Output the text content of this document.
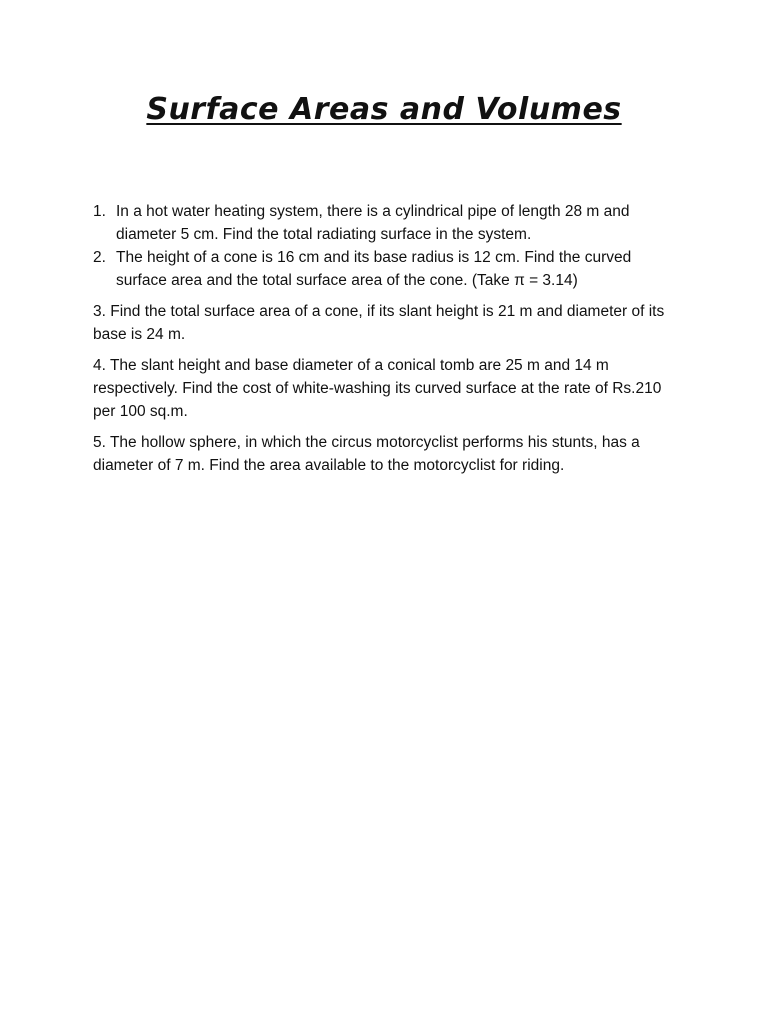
Surface Areas and Volumes
1. In a hot water heating system, there is a cylindrical pipe of length 28 m and diameter 5 cm. Find the total radiating surface in the system.
2. The height of a cone is 16 cm and its base radius is 12 cm. Find the curved surface area and the total surface area of the cone. (Take π = 3.14)

3. Find the total surface area of a cone, if its slant height is 21 m and diameter of its base is 24 m.

4. The slant height and base diameter of a conical tomb are 25 m and 14 m respectively. Find the cost of white-washing its curved surface at the rate of Rs.210 per 100 sq.m.

5. The hollow sphere, in which the circus motorcyclist performs his stunts, has a diameter of 7 m. Find the area available to the motorcyclist for riding.
